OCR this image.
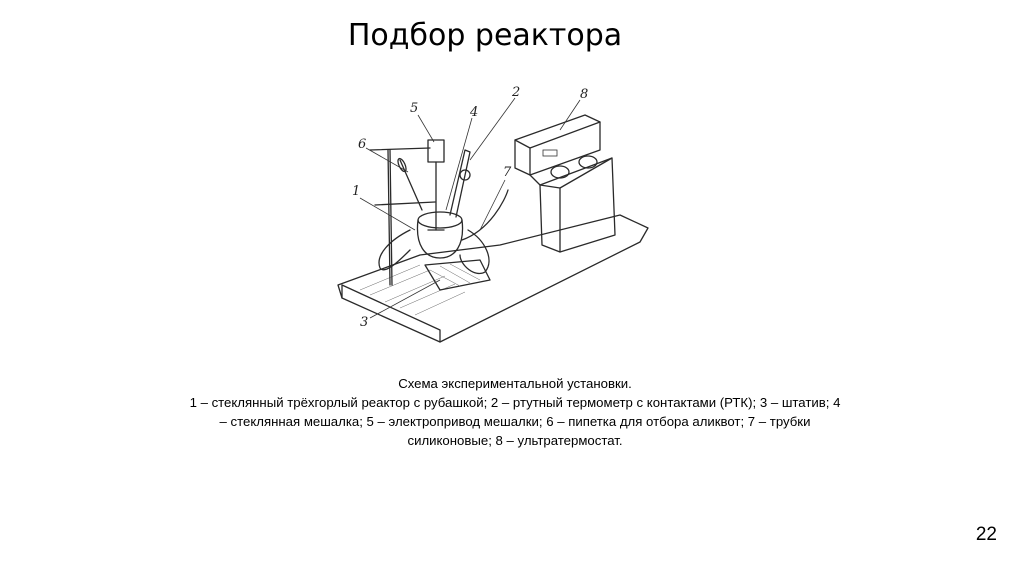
Подбор реактора
1
2
3
4
5
6
7
8
Схема экспериментальной установки.
1 – стеклянный трёхгорлый реактор с рубашкой; 2 – ртутный термометр с контактами (РТК); 3 – штатив; 4
– стеклянная мешалка; 5 – электропривод мешалки; 6 – пипетка для отбора аликвот; 7 – трубки
силиконовые; 8 – ультратермостат.
22
